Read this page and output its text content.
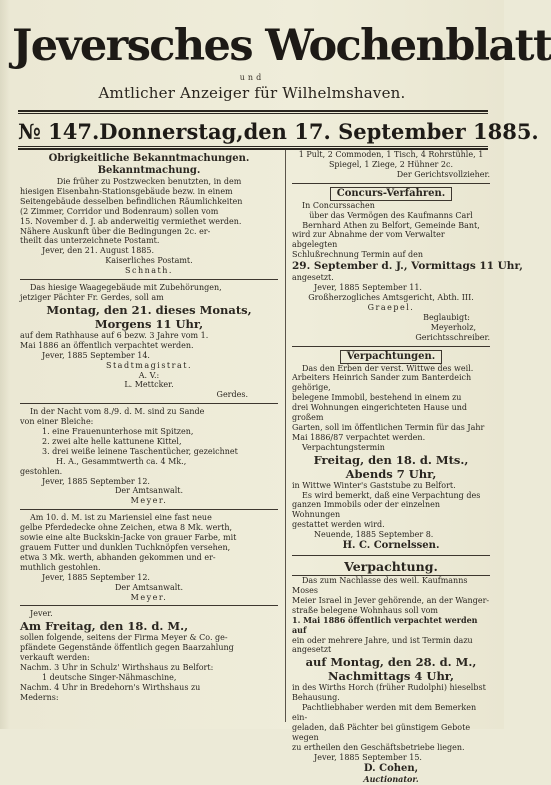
Jeversches Wochenblatt
und
Amtlicher Anzeiger für Wilhelmshaven.
№ 147. Donnerstag, den 17. September 1885.

Obrigkeitliche Bekanntmachungen.

Bekanntmachung.

Die früher zu Postzwecken benutzten, in dem

hiesigen Eisenbahn-Stationsgebäude bezw. in einem

Seitengebäude desselben befindlichen Räumlichkeiten

(2 Zimmer, Corridor und Bodenraum) sollen vom

15. November d. J. ab anderweitig vermiethet werden.

Nähere Auskunft über die Bedingungen 2c. er-

theilt das unterzeichnete Postamt.

Jever, den 21. August 1885.

Kaiserliches Postamt.

Schnath.

Das hiesige Waagegebäude mit Zubehörungen,

jetziger Pächter Fr. Gerdes, soll am

Montag, den 21. dieses Monats,

Morgens 11 Uhr,

auf dem Rathhause auf 6 bezw. 3 Jahre vom 1.

Mai 1886 an öffentlich verpachtet werden.

Jever, 1885 September 14.

Stadtmagistrat.

A. V.:

L. Mettcker.

Gerdes.

In der Nacht vom 8./9. d. M. sind zu Sande

von einer Bleiche:

1. eine Frauenunterhose mit Spitzen,

2. zwei alte helle kattunene Kittel,

3. drei weiße leinene Taschentücher, gezeichnet

H. A., Gesammtwerth ca. 4 Mk.,

gestohlen.

Jever, 1885 September 12.

Der Amtsanwalt.

Meyer.

Am 10. d. M. ist zu Mariensiel eine fast neue

gelbe Pferdedecke ohne Zeichen, etwa 8 Mk. werth,

sowie eine alte Buckskin-Jacke von grauer Farbe, mit

grauem Futter und dunklen Tuchknöpfen versehen,

etwa 3 Mk. werth, abhanden gekommen und er-

muthlich gestohlen.

Jever, 1885 September 12.

Der Amtsanwalt.

Meyer.

Jever.

Am Freitag, den 18. d. M.,

sollen folgende, seitens der Firma Meyer & Co. ge-

pfändete Gegenstände öffentlich gegen Baarzahlung

verkauft werden:

Nachm. 3 Uhr in Schulz' Wirthshaus zu Belfort:

1 deutsche Singer-Nähmaschine,

Nachm. 4 Uhr in Bredehorn's Wirthshaus zu

Mederns:

1 Pult, 2 Commoden, 1 Tisch, 4 Rohrstühle, 1 Spiegel, 1 Ziege, 2 Hühner 2c.

Der Gerichtsvollzieher.

Concurs-Verfahren.

In Concurssachen

über das Vermögen des Kaufmanns Carl

Bernhard Athen zu Belfort, Gemeinde Bant,

wird zur Abnahme der vom Verwalter abgelegten

Schlußrechnung Termin auf den

29. September d. J., Vormittags 11 Uhr,

angesetzt.

Jever, 1885 September 11.

Großherzogliches Amtsgericht, Abth. III.

Graepel.

Beglaubigt:

Meyerholz,

Gerichtsschreiber.

Verpachtungen.

Das den Erben der verst. Wittwe des weil.

Arbeiters Heinrich Sander zum Banterdeich gehörige,

belegene Immobil, bestehend in einem zu

drei Wohnungen eingerichteten Hause und großem

Garten, soll im öffentlichen Termin für das Jahr

Mai 1886/87 verpachtet werden.

Verpachtungstermin

Freitag, den 18. d. Mts.,

Abends 7 Uhr,

in Wittwe Winter's Gaststube zu Belfort.

Es wird bemerkt, daß eine Verpachtung des

ganzen Immobils oder der einzelnen Wohnungen

gestattet werden wird.

Neuende, 1885 September 8.

H. C. Cornelssen.

Verpachtung.

Das zum Nachlasse des weil. Kaufmanns Moses

Meier Israel in Jever gehörende, an der Wanger-

straße belegene Wohnhaus soll vom

1. Mai 1886 öffentlich verpachtet werden auf

ein oder mehrere Jahre, und ist Termin dazu angesetzt

auf Montag, den 28. d. M.,

Nachmittags 4 Uhr,

in des Wirths Horch (früher Rudolphi) hieselbst

Behausung.

Pachtliebhaber werden mit dem Bemerken ein-

geladen, daß Pächter bei günstigem Gebote wegen

zu ertheilen den Geschäftsbetriebe liegen.

Jever, 1885 September 15.

D. Cohen,

Auctionator.
